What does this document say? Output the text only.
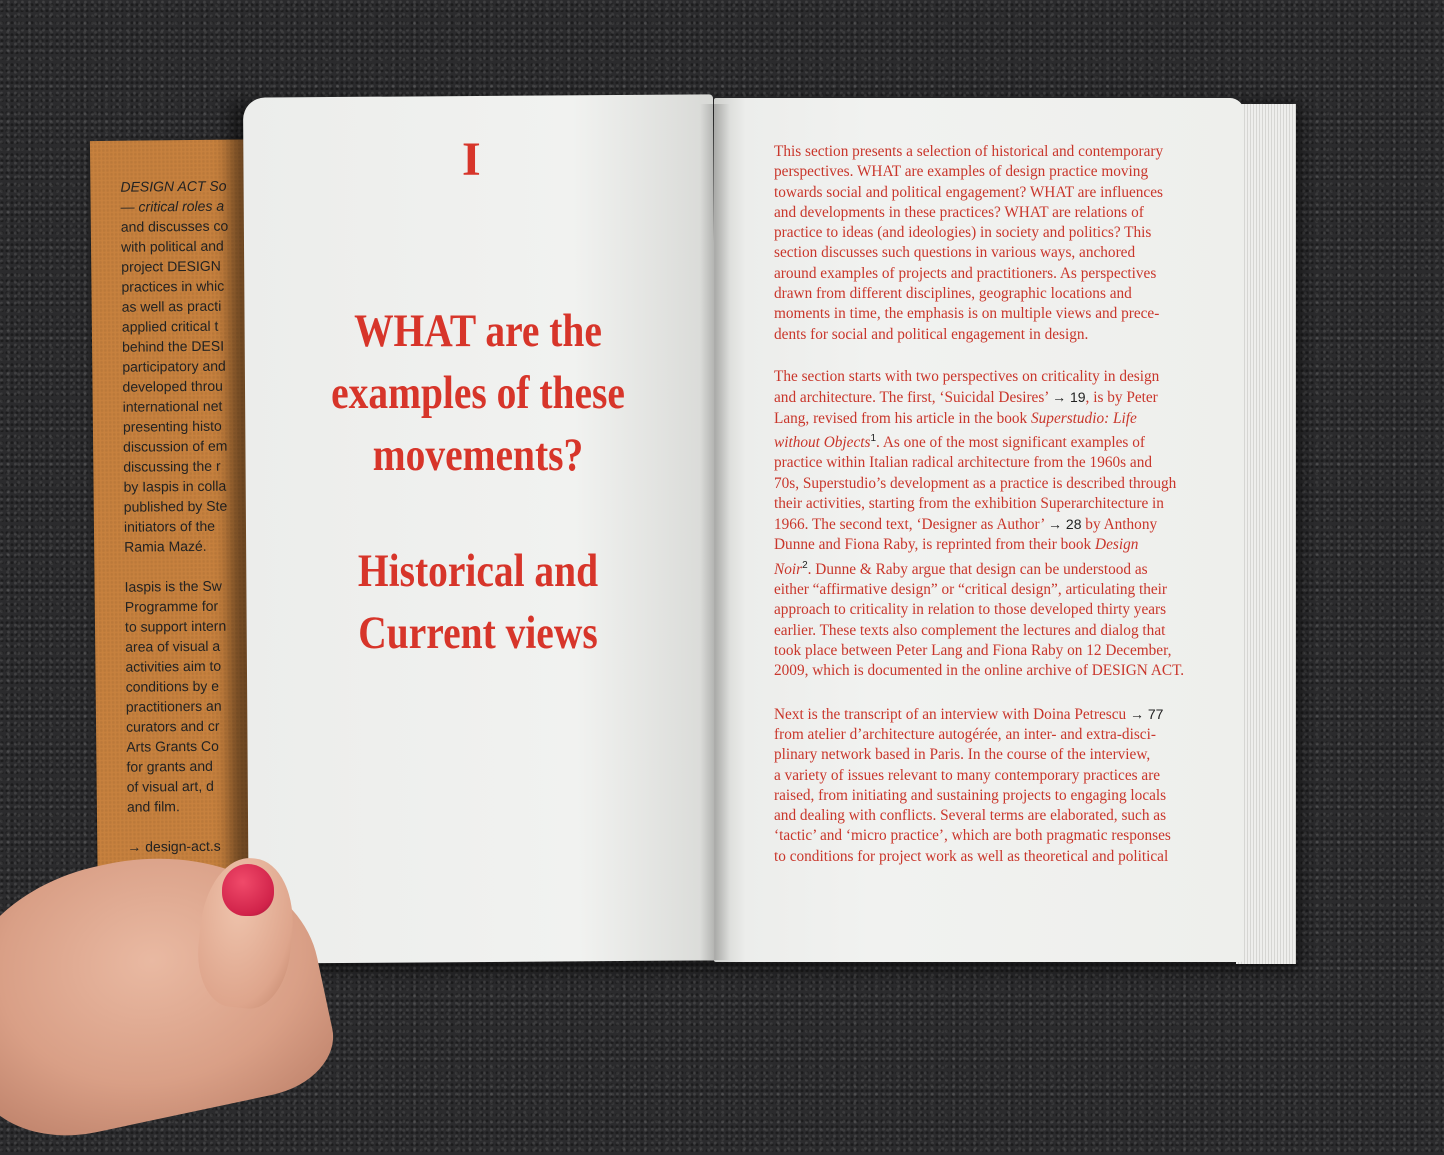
DESIGN ACT So

— critical roles a

and discusses co

with political and

project DESIGN

practices in whic

as well as practi

applied critical t

behind the DESI

participatory and

developed throu

international net

presenting histo

discussion of em

discussing the r

by Iaspis in colla

published by Ste

initiators of the

Ramia Mazé.

Iaspis is the Sw

Programme for

to support intern

area of visual a

activities aim to

conditions by e

practitioners an

curators and cr

Arts Grants Co

for grants and

of visual art, d

and film.

→ design-act.s

I

WHAT are the

examples of these

movements?

Historical and

Current views

This section presents a selection of historical and contemporary

perspectives. WHAT are examples of design practice moving

towards social and political engagement? WHAT are influences

and developments in these practices? WHAT are relations of

practice to ideas (and ideologies) in society and politics? This

section discusses such questions in various ways, anchored

around examples of projects and practitioners. As perspectives

drawn from different disciplines, geographic locations and

moments in time, the emphasis is on multiple views and prece-

dents for social and political engagement in design.

The section starts with two perspectives on criticality in design

and architecture. The first, ‘Suicidal Desires’ → 19, is by Peter

Lang, revised from his article in the book Superstudio: Life

without Objects$^1$. As one of the most significant examples of

practice within Italian radical architecture from the 1960s and

70s, Superstudio’s development as a practice is described through

their activities, starting from the exhibition Superarchitecture in

1966. The second text, ‘Designer as Author’ → 28 by Anthony

Dunne and Fiona Raby, is reprinted from their book Design

Noir$^2$. Dunne & Raby argue that design can be understood as

either “affirmative design” or “critical design”, articulating their

approach to criticality in relation to those developed thirty years

earlier. These texts also complement the lectures and dialog that

took place between Peter Lang and Fiona Raby on 12 December,

2009, which is documented in the online archive of DESIGN ACT.

Next is the transcript of an interview with Doina Petrescu → 77

from atelier d’architecture autogérée, an inter- and extra-disci-

plinary network based in Paris. In the course of the interview,

a variety of issues relevant to many contemporary practices are

raised, from initiating and sustaining projects to engaging locals

and dealing with conflicts. Several terms are elaborated, such as

‘tactic’ and ‘micro practice’, which are both pragmatic responses

to conditions for project work as well as theoretical and political
